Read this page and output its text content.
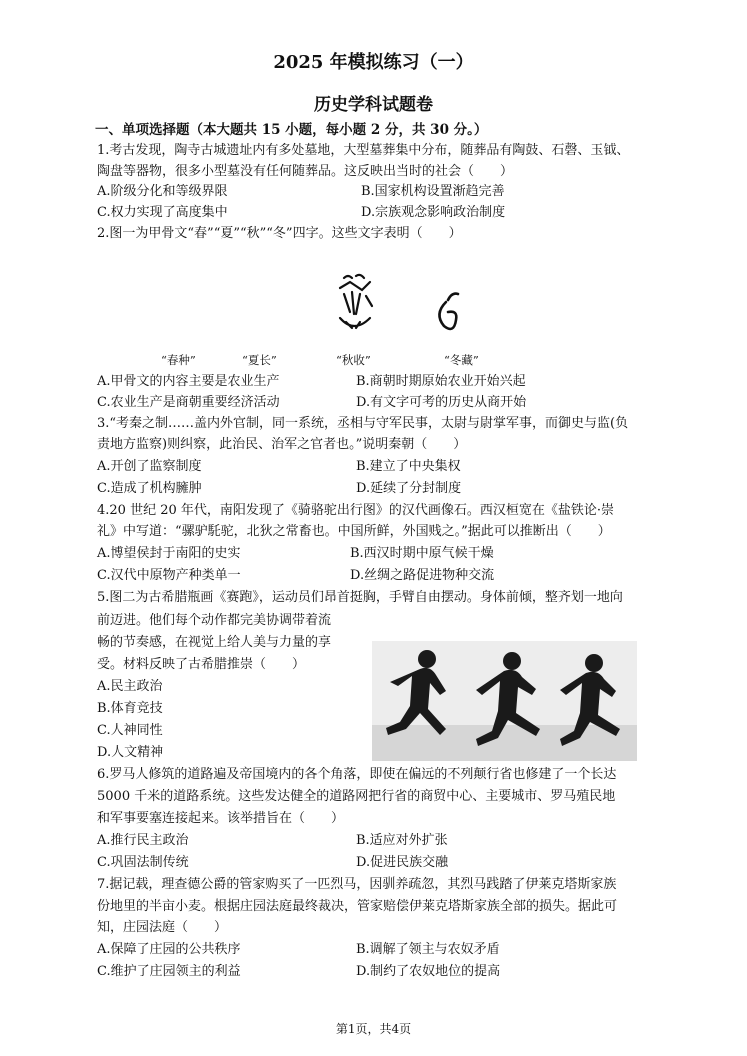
2025 年模拟练习（一）
历史学科试题卷
一、单项选择题（本大题共 15 小题，每小题 2 分，共 30 分。）
1.考古发现，陶寺古城遗址内有多处墓地，大型墓葬集中分布，随葬品有陶鼓、石磬、玉钺、
陶盘等器物，很多小型墓没有任何随葬品。这反映出当时的社会（　　）
A.阶级分化和等级界限	B.国家机构设置渐趋完善
C.权力实现了高度集中	D.宗族观念影响政治制度
2.图一为甲骨文“春”“夏”“秋”“冬”四字。这些文字表明（　　）
“春种”	“夏长”	“秋收”	“冬藏”
A.甲骨文的内容主要是农业生产	B.商朝时期原始农业开始兴起
C.农业生产是商朝重要经济活动	D.有文字可考的历史从商开始
3.“考秦之制……盖内外官制，同一系统，丞相与守军民事，太尉与尉掌军事，而御史与监(负
责地方监察)则纠察，此治民、治军之官者也。”说明秦朝（　　）
A.开创了监察制度	B.建立了中央集权
C.造成了机构臃肿	D.延续了分封制度
4.20 世纪 20 年代，南阳发现了《骑骆驼出行图》的汉代画像石。西汉桓宽在《盐铁论·崇
礼》中写道：“骡驴馲驼，北狄之常畜也。中国所鲜，外国贱之。”据此可以推断出（　　）
A.博望侯封于南阳的史实	B.西汉时期中原气候干燥
C.汉代中原物产种类单一	D.丝绸之路促进物种交流
5.图二为古希腊瓶画《赛跑》，运动员们昂首挺胸，手臂自由摆动。身体前倾，整齐划一地向
前迈进。他们每个动作都完美协调带着流
畅的节奏感，在视觉上给人美与力量的享
受。材料反映了古希腊推崇（　　）
A.民主政治
B.体育竞技
C.人神同性
D.人文精神
6.罗马人修筑的道路遍及帝国境内的各个角落，即使在偏远的不列颠行省也修建了一个长达
5000 千米的道路系统。这些发达健全的道路网把行省的商贸中心、主要城市、罗马殖民地
和军事要塞连接起来。该举措旨在（　　）
A.推行民主政治	B.适应对外扩张
C.巩固法制传统	D.促进民族交融
7.据记载，理查德公爵的管家购买了一匹烈马，因驯养疏忽，其烈马践踏了伊莱克塔斯家族
份地里的半亩小麦。根据庄园法庭最终裁决，管家赔偿伊莱克塔斯家族全部的损失。据此可
知，庄园法庭（　　）
A.保障了庄园的公共秩序	B.调解了领主与农奴矛盾
C.维护了庄园领主的利益	D.制约了农奴地位的提高
第1页，共4页
